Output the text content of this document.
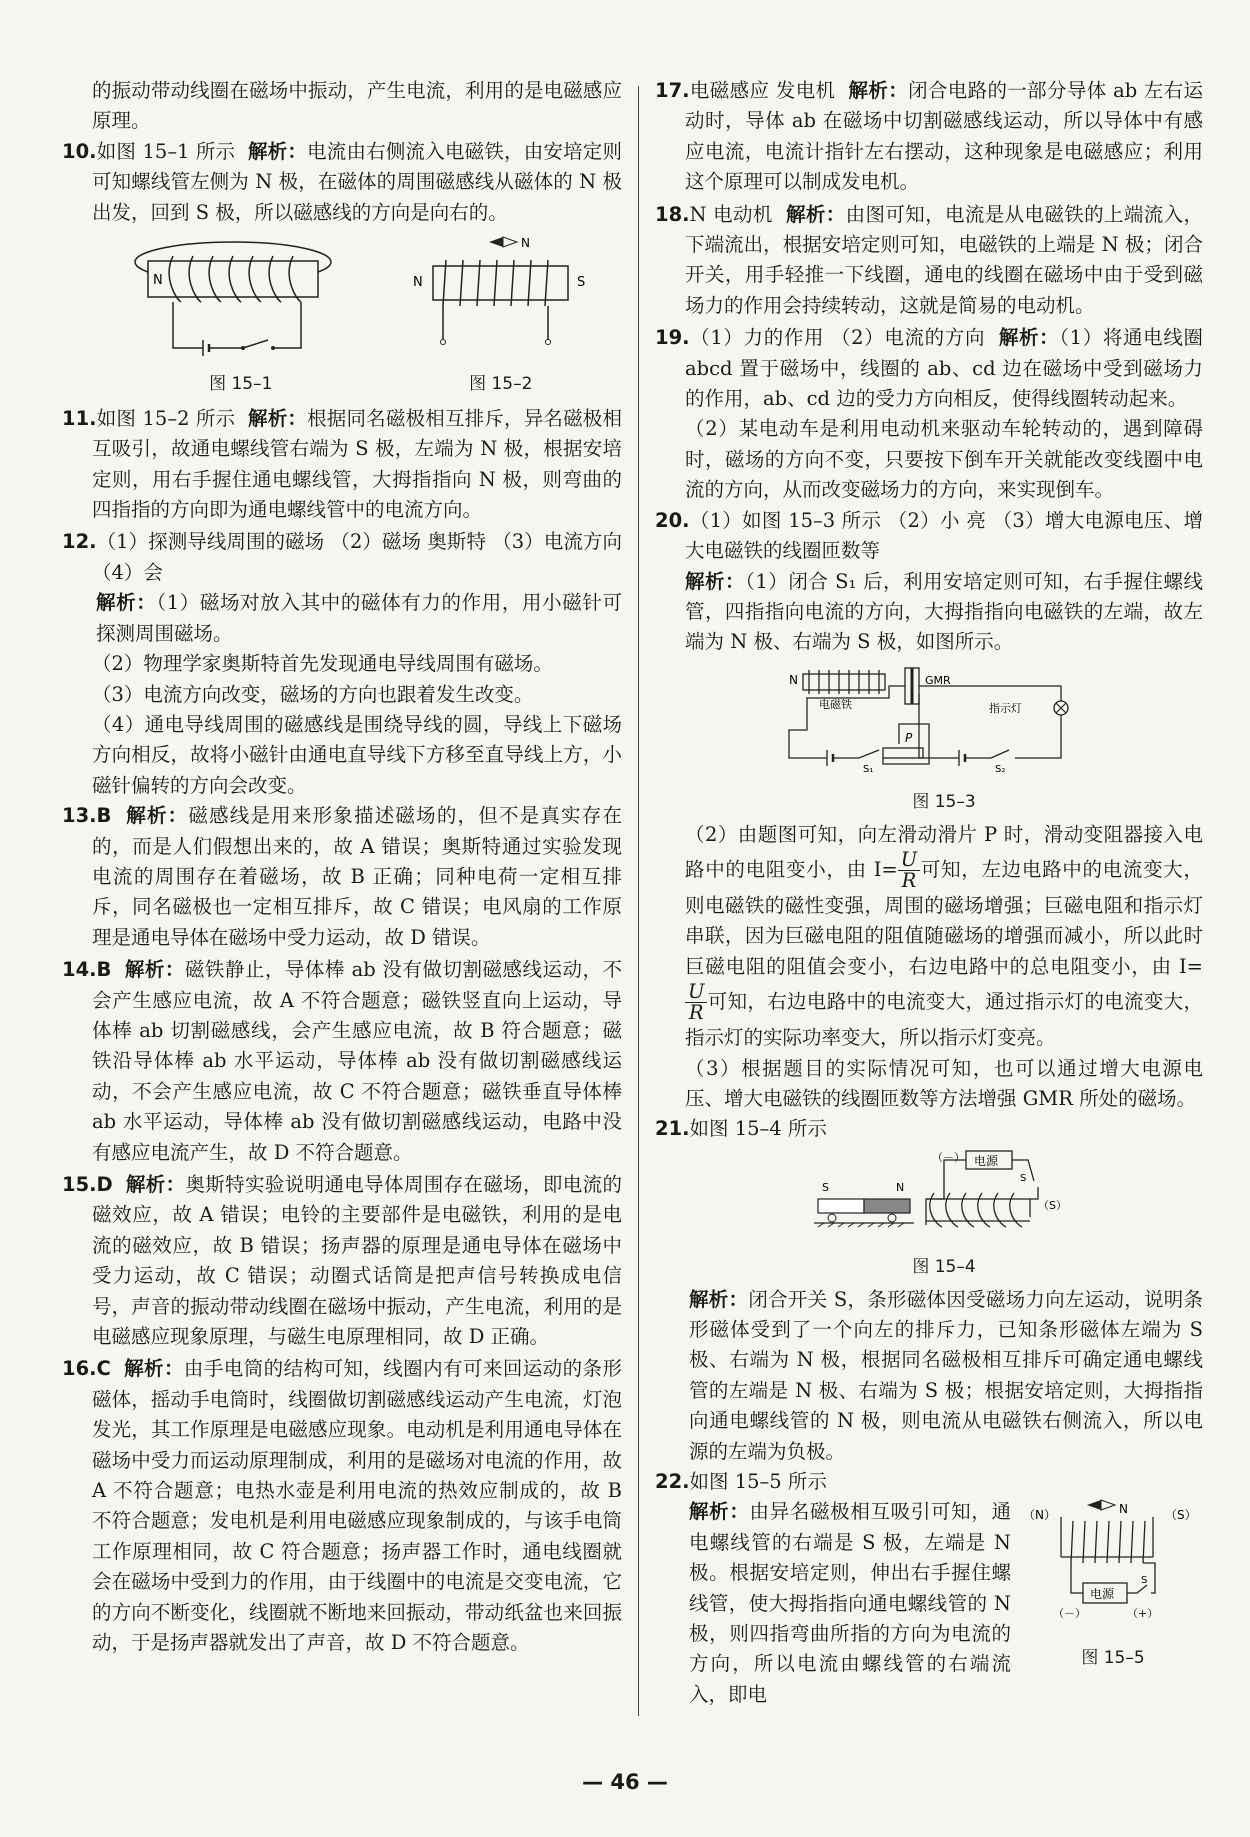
的振动带动线圈在磁场中振动，产生电流，利用的是电磁感应原理。

10.如图 15–1 所示 解析：电流由右侧流入电磁铁，由安培定则可知螺线管左侧为 N 极，在磁体的周围磁感线从磁体的 N 极出发，回到 S 极，所以磁感线的方向是向右的。

N
图 15–1
N
N	S
图 15–2

11.如图 15–2 所示 解析：根据同名磁极相互排斥，异名磁极相互吸引，故通电螺线管右端为 S 极，左端为 N 极，根据安培定则，用右手握住通电螺线管，大拇指指向 N 极，则弯曲的四指指的方向即为通电螺线管中的电流方向。

12.（1）探测导线周围的磁场 （2）磁场 奥斯特 （3）电流方向 （4）会

解析：（1）磁场对放入其中的磁体有力的作用，用小磁针可探测周围磁场。

（2）物理学家奥斯特首先发现通电导线周围有磁场。

（3）电流方向改变，磁场的方向也跟着发生改变。

（4）通电导线周围的磁感线是围绕导线的圆，导线上下磁场方向相反，故将小磁针由通电直导线下方移至直导线上方，小磁针偏转的方向会改变。

13.B 解析：磁感线是用来形象描述磁场的，但不是真实存在的，而是人们假想出来的，故 A 错误；奥斯特通过实验发现电流的周围存在着磁场，故 B 正确；同种电荷一定相互排斥，同名磁极也一定相互排斥，故 C 错误；电风扇的工作原理是通电导体在磁场中受力运动，故 D 错误。

14.B 解析：磁铁静止，导体棒 ab 没有做切割磁感线运动，不会产生感应电流，故 A 不符合题意；磁铁竖直向上运动，导体棒 ab 切割磁感线，会产生感应电流，故 B 符合题意；磁铁沿导体棒 ab 水平运动，导体棒 ab 没有做切割磁感线运动，不会产生感应电流，故 C 不符合题意；磁铁垂直导体棒 ab 水平运动，导体棒 ab 没有做切割磁感线运动，电路中没有感应电流产生，故 D 不符合题意。

15.D 解析：奥斯特实验说明通电导体周围存在磁场，即电流的磁效应，故 A 错误；电铃的主要部件是电磁铁，利用的是电流的磁效应，故 B 错误；扬声器的原理是通电导体在磁场中受力运动，故 C 错误；动圈式话筒是把声信号转换成电信号，声音的振动带动线圈在磁场中振动，产生电流，利用的是电磁感应现象原理，与磁生电原理相同，故 D 正确。

16.C 解析：由手电筒的结构可知，线圈内有可来回运动的条形磁体，摇动手电筒时，线圈做切割磁感线运动产生电流，灯泡发光，其工作原理是电磁感应现象。电动机是利用通电导体在磁场中受力而运动原理制成，利用的是磁场对电流的作用，故 A 不符合题意；电热水壶是利用电流的热效应制成的，故 B 不符合题意；发电机是利用电磁感应现象制成的，与该手电筒工作原理相同，故 C 符合题意；扬声器工作时，通电线圈就会在磁场中受到力的作用，由于线圈中的电流是交变电流，它的方向不断变化，线圈就不断地来回振动，带动纸盆也来回振动，于是扬声器就发出了声音，故 D 不符合题意。

17.电磁感应 发电机 解析：闭合电路的一部分导体 ab 左右运动时，导体 ab 在磁场中切割磁感线运动，所以导体中有感应电流，电流计指针左右摆动，这种现象是电磁感应；利用这个原理可以制成发电机。

18.N 电动机 解析：由图可知，电流是从电磁铁的上端流入，下端流出，根据安培定则可知，电磁铁的上端是 N 极；闭合开关，用手轻推一下线圈，通电的线圈在磁场中由于受到磁场力的作用会持续转动，这就是简易的电动机。

19.（1）力的作用 （2）电流的方向 解析：（1）将通电线圈 abcd 置于磁场中，线圈的 ab、cd 边在磁场中受到磁场力的作用，ab、cd 边的受力方向相反，使得线圈转动起来。

（2）某电动车是利用电动机来驱动车轮转动的，遇到障碍时，磁场的方向不变，只要按下倒车开关就能改变线圈中电流的方向，从而改变磁场力的方向，来实现倒车。

20.（1）如图 15–3 所示 （2）小 亮 （3）增大电源电压、增大电磁铁的线圈匝数等

解析：（1）闭合 S₁ 后，利用安培定则可知，右手握住螺线管，四指指向电流的方向，大拇指指向电磁铁的左端，故左端为 N 极、右端为 S 极，如图所示。

N
电磁铁
GMR
指示灯
S₁
P
S₂
图 15–3

（2）由题图可知，向左滑动滑片 P 时，滑动变阻器接入电路中的电阻变小，由 $I= \frac{U}{R}$ 可知，左边电路中的电流变大，则电磁铁的磁性变强，周围的磁场增强；巨磁电阻和指示灯串联，因为巨磁电阻的阻值随磁场的增强而减小，所以此时巨磁电阻的阻值会变小，右边电路中的总电阻变小，由 I=
$\frac{U}{R}$ 可知，右边电路中的电流变大，通过指示灯的电流变大，指示灯的实际功率变大，所以指示灯变亮。

（3）根据题目的实际情况可知，也可以通过增大电源电压、增大电磁铁的线圈匝数等方法增强 GMR 所处的磁场。

21.如图 15–4 所示

（－） 电源
S
（S）
S	N
图 15–4

解析：闭合开关 S，条形磁体因受磁场力向左运动，说明条形磁体受到了一个向左的排斥力，已知条形磁体左端为 S 极、右端为 N 极，根据同名磁极相互排斥可确定通电螺线管的左端是 N 极、右端为 S 极；根据安培定则，大拇指指向通电螺线管的 N 极，则电流从电磁铁右侧流入，所以电源的左端为负极。

22.如图 15–5 所示

N
（N）	（S）
电源
S
（－）	（+）
图 15–5

解析：由异名磁极相互吸引可知，通电螺线管的右端是 S 极，左端是 N 极。根据安培定则，伸出右手握住螺线管，使大拇指指向通电螺线管的 N 极，则四指弯曲所指的方向为电流的方向，所以电流由螺线管的右端流入，即电

— 46 —
